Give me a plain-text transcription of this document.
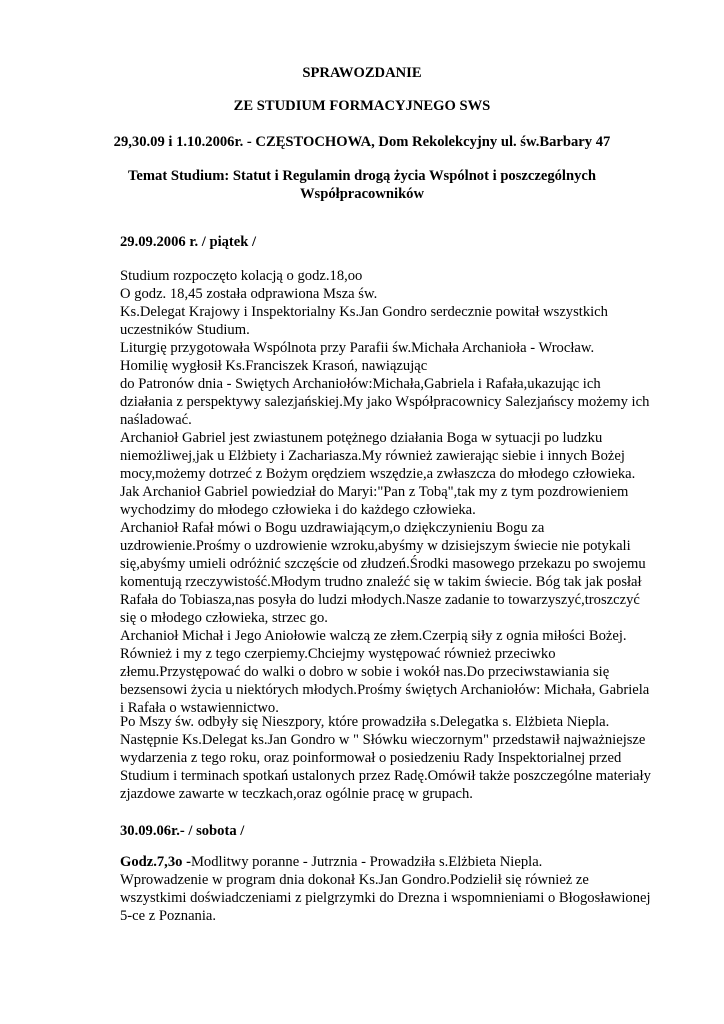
SPRAWOZDANIE
ZE STUDIUM FORMACYJNEGO SWS
29,30.09 i 1.10.2006r. - CZĘSTOCHOWA, Dom Rekolekcyjny ul. św.Barbary 47
Temat Studium: Statut i Regulamin drogą życia Wspólnot i poszczególnych
Współpracowników
29.09.2006 r. / piątek /
Studium rozpoczęto kolacją o godz.18,oo
O godz. 18,45 została odprawiona Msza św.
Ks.Delegat Krajowy i Inspektorialny Ks.Jan Gondro serdecznie powitał wszystkich
uczestników Studium.
Liturgię przygotowała Wspólnota przy Parafii św.Michała Archanioła - Wrocław.
Homilię wygłosił Ks.Franciszek Krasoń, nawiązując
do Patronów dnia - Swiętych Archaniołów:Michała,Gabriela i Rafała,ukazując ich
działania z perspektywy salezjańskiej.My jako Współpracownicy Salezjańscy możemy ich
naśladować.
Archanioł Gabriel jest zwiastunem potężnego działania Boga w sytuacji po ludzku
niemożliwej,jak u Elżbiety i Zachariasza.My również zawierając siebie i innych Bożej
mocy,możemy dotrzeć z Bożym orędziem wszędzie,a zwłaszcza do młodego człowieka.
Jak Archanioł Gabriel powiedział do Maryi:"Pan z Tobą",tak my z tym pozdrowieniem
wychodzimy do młodego człowieka i do każdego człowieka.
Archanioł Rafał mówi o Bogu uzdrawiającym,o dziękczynieniu Bogu za
uzdrowienie.Prośmy o uzdrowienie wzroku,abyśmy w dzisiejszym świecie nie potykali
się,abyśmy umieli odróżnić szczęście od złudzeń.Środki masowego przekazu po swojemu
komentują rzeczywistość.Młodym trudno znaleźć się w takim świecie. Bóg tak jak posłał
Rafała do Tobiasza,nas posyła do ludzi młodych.Nasze zadanie to towarzyszyć,troszczyć
się o młodego człowieka, strzec go.
Archanioł Michał i Jego Aniołowie walczą ze złem.Czerpią siły z ognia miłości Bożej.
Również i my z tego czerpiemy.Chciejmy występować również przeciwko
złemu.Przystępować do walki o dobro w sobie i wokół nas.Do przeciwstawiania się
bezsensowi życia u niektórych młodych.Prośmy świętych Archaniołów: Michała, Gabriela
i Rafała o wstawiennictwo.
Po Mszy św. odbyły się Nieszpory, które prowadziła s.Delegatka s. Elżbieta Niepla.
Następnie Ks.Delegat ks.Jan Gondro w " Słówku wieczornym" przedstawił najważniejsze
wydarzenia z tego roku, oraz poinformował o posiedzeniu Rady Inspektorialnej przed
Studium i terminach spotkań ustalonych przez Radę.Omówił także poszczególne materiały
zjazdowe zawarte w teczkach,oraz ogólnie pracę w grupach.
30.09.06r.- / sobota /
Godz.7,3o -Modlitwy poranne - Jutrznia - Prowadziła s.Elżbieta Niepla.
Wprowadzenie w program dnia dokonał Ks.Jan Gondro.Podzielił się również ze
wszystkimi doświadczeniami z pielgrzymki do Drezna i wspomnieniami o Błogosławionej
5-ce z Poznania.
